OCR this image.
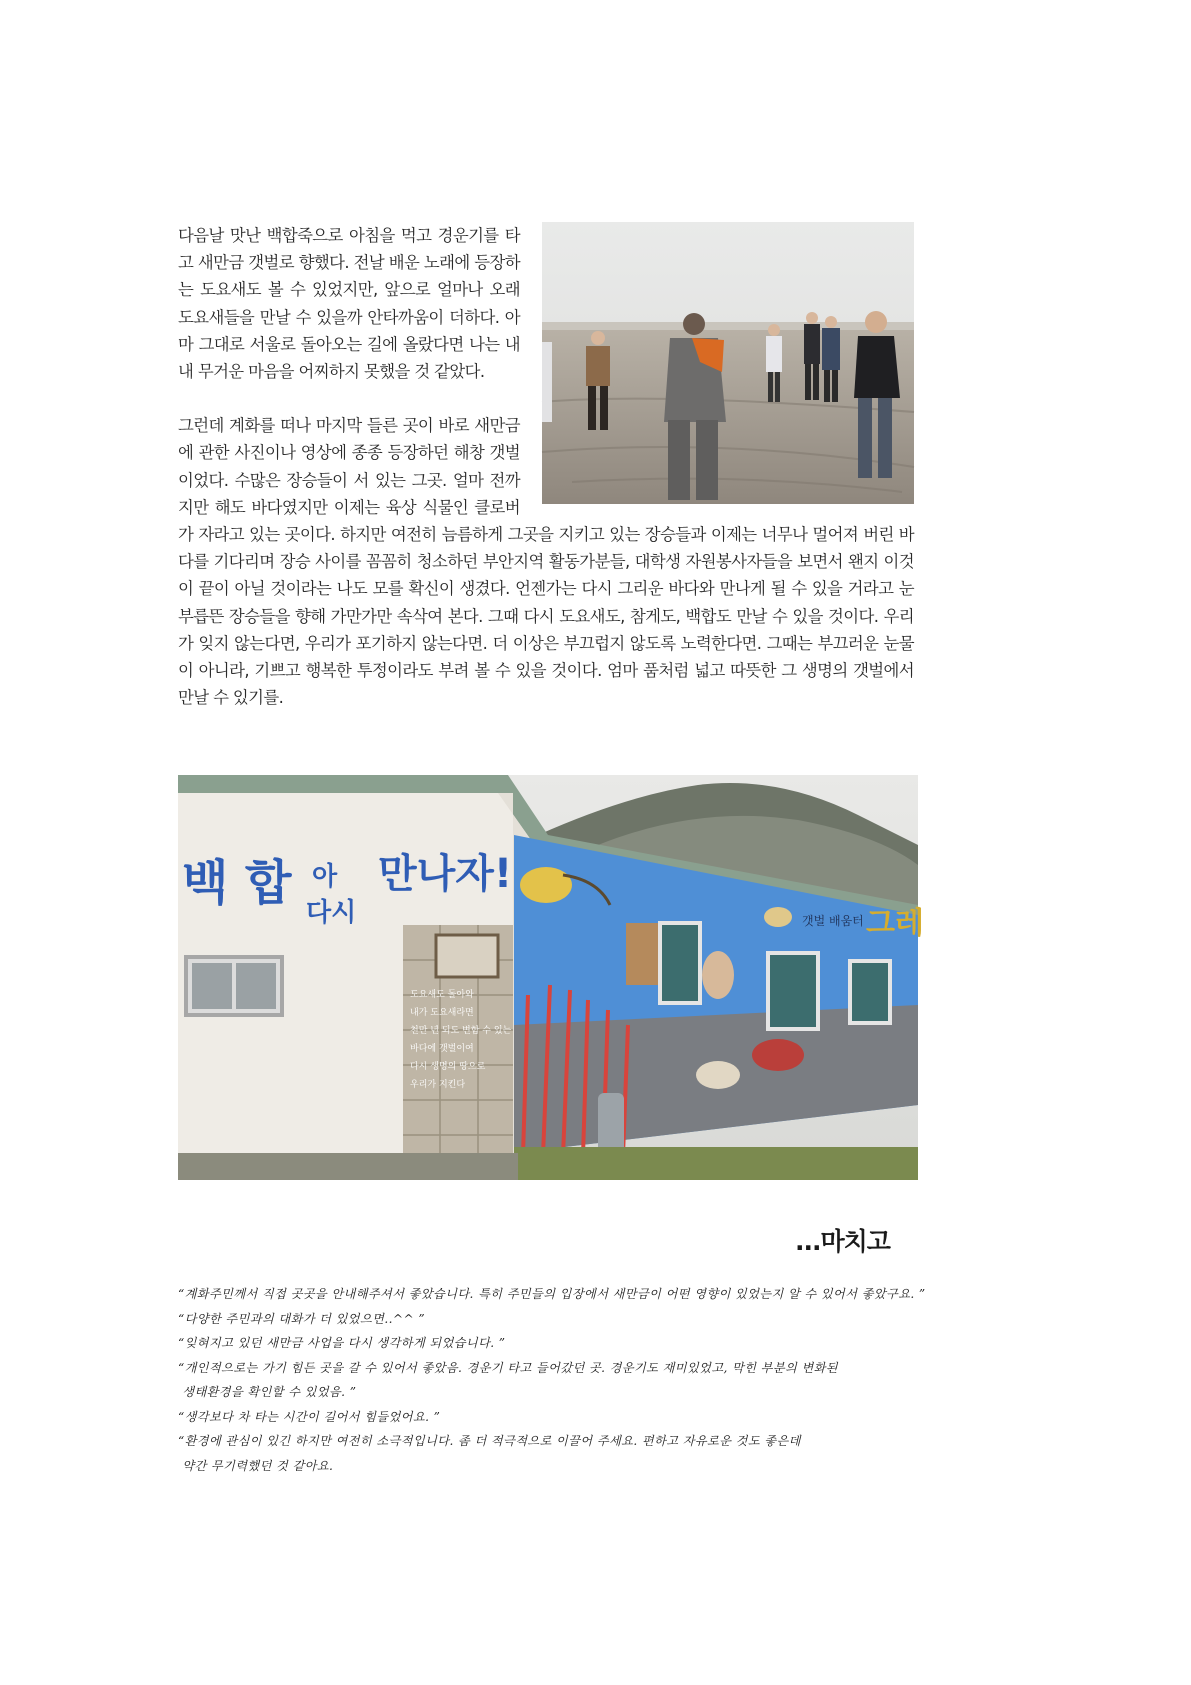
다음날 맛난 백합죽으로 아침을 먹고 경운기를 타고 새만금 갯벌로 향했다. 전날 배운 노래에 등장하는 도요새도 볼 수 있었지만, 앞으로 얼마나 오래 도요새들을 만날 수 있을까 안타까움이 더하다. 아마 그대로 서울로 돌아오는 길에 올랐다면 나는 내내 무거운 마음을 어찌하지 못했을 것 같았다.

그런데 계화를 떠나 마지막 들른 곳이 바로 새만금에 관한 사진이나 영상에 종종 등장하던 해창 갯벌이었다. 수많은 장승들이 서 있는 그곳. 얼마 전까지만 해도 바다였지만 이제는 육상 식물인 클로버가 자라고 있는 곳이다. 하지만 여전히 늠름하게 그곳을 지키고 있는 장승들과 이제는 너무나 멀어져 버린 바다를 기다리며 장승 사이를 꼼꼼히 청소하던 부안지역 활동가분들, 대학생 자원봉사자들을 보면서 왠지 이것이 끝이 아닐 것이라는 나도 모를 확신이 생겼다. 언젠가는 다시 그리운 바다와 만나게 될 수 있을 거라고 눈 부릅뜬 장승들을 향해 가만가만 속삭여 본다. 그때 다시 도요새도, 참게도, 백합도 만날 수 있을 것이다. 우리가 잊지 않는다면, 우리가 포기하지 않는다면. 더 이상은 부끄럽지 않도록 노력한다면. 그때는 부끄러운 눈물이 아니라, 기쁘고 행복한 투정이라도 부려 볼 수 있을 것이다. 엄마 품처럼 넓고 따뜻한 그 생명의 갯벌에서 만날 수 있기를.

백 합 아
다시
만나자!
갯벌 배움터 그레
도요새도 돌아와
내가 도요새라면
천만 년 되도 변함 수 있는
바다에 갯벌이여
다시 생명의 땅으로
우리가 지킨다
...마치고

“계화주민께서 직접 곳곳을 안내해주셔서 좋았습니다. 특히 주민들의 입장에서 새만금이 어떤 영향이 있었는지 알 수 있어서 좋았구요. ”

“다양한 주민과의 대화가 더 있었으면..^^ ”

“잊혀지고 있던 새만금 사업을 다시 생각하게 되었습니다. ”

“개인적으로는 가기 힘든 곳을 갈 수 있어서 좋았음. 경운기 타고 들어갔던 곳. 경운기도 재미있었고, 막힌 부분의 변화된
생태환경을 확인할 수 있었음. ”

“생각보다 차 타는 시간이 길어서 힘들었어요. ”

“환경에 관심이 있긴 하지만 여전히 소극적입니다. 좀 더 적극적으로 이끌어 주세요. 편하고 자유로운 것도 좋은데
약간 무기력했던 것 같아요.
